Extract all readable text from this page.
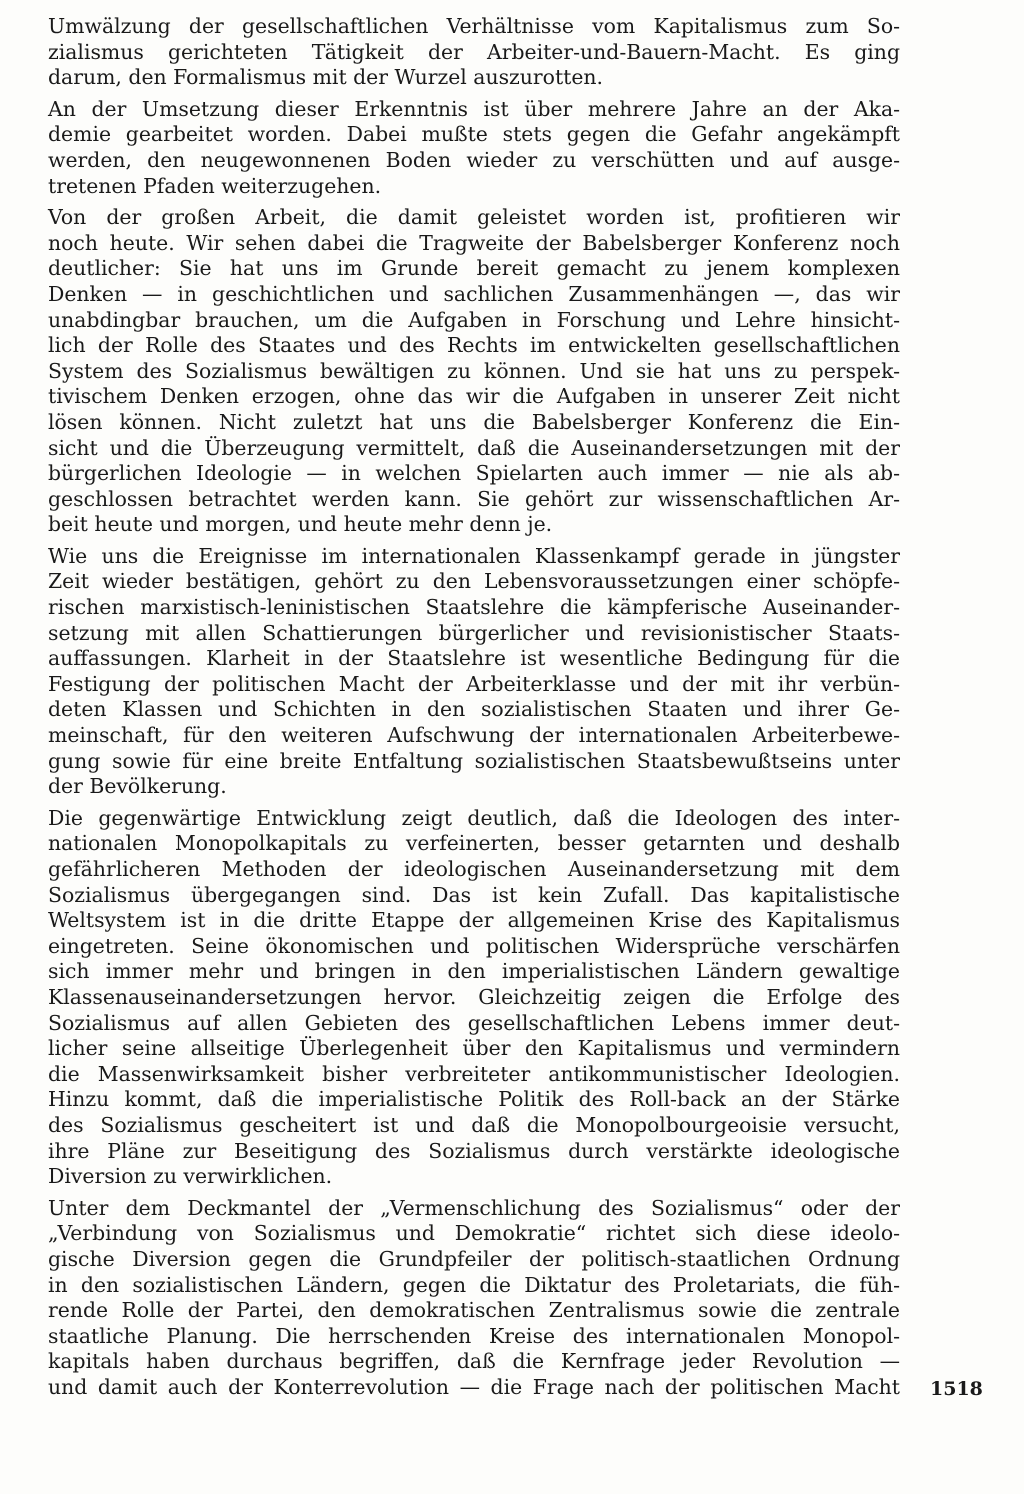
Umwälzung der gesellschaftlichen Verhältnisse vom Kapitalismus zum So-
zialismus gerichteten Tätigkeit der Arbeiter-und-Bauern-Macht. Es ging
darum, den Formalismus mit der Wurzel auszurotten.
An der Umsetzung dieser Erkenntnis ist über mehrere Jahre an der Aka-
demie gearbeitet worden. Dabei mußte stets gegen die Gefahr angekämpft
werden, den neugewonnenen Boden wieder zu verschütten und auf ausge-
tretenen Pfaden weiterzugehen.
Von der großen Arbeit, die damit geleistet worden ist, profitieren wir
noch heute. Wir sehen dabei die Tragweite der Babelsberger Konferenz noch
deutlicher: Sie hat uns im Grunde bereit gemacht zu jenem komplexen
Denken — in geschichtlichen und sachlichen Zusammenhängen —, das wir
unabdingbar brauchen, um die Aufgaben in Forschung und Lehre hinsicht-
lich der Rolle des Staates und des Rechts im entwickelten gesellschaftlichen
System des Sozialismus bewältigen zu können. Und sie hat uns zu perspek-
tivischem Denken erzogen, ohne das wir die Aufgaben in unserer Zeit nicht
lösen können. Nicht zuletzt hat uns die Babelsberger Konferenz die Ein-
sicht und die Überzeugung vermittelt, daß die Auseinandersetzungen mit der
bürgerlichen Ideologie — in welchen Spielarten auch immer — nie als ab-
geschlossen betrachtet werden kann. Sie gehört zur wissenschaftlichen Ar-
beit heute und morgen, und heute mehr denn je.
Wie uns die Ereignisse im internationalen Klassenkampf gerade in jüngster
Zeit wieder bestätigen, gehört zu den Lebensvoraussetzungen einer schöpfe-
rischen marxistisch-leninistischen Staatslehre die kämpferische Auseinander-
setzung mit allen Schattierungen bürgerlicher und revisionistischer Staats-
auffassungen. Klarheit in der Staatslehre ist wesentliche Bedingung für die
Festigung der politischen Macht der Arbeiterklasse und der mit ihr verbün-
deten Klassen und Schichten in den sozialistischen Staaten und ihrer Ge-
meinschaft, für den weiteren Aufschwung der internationalen Arbeiterbewe-
gung sowie für eine breite Entfaltung sozialistischen Staatsbewußtseins unter
der Bevölkerung.
Die gegenwärtige Entwicklung zeigt deutlich, daß die Ideologen des inter-
nationalen Monopolkapitals zu verfeinerten, besser getarnten und deshalb
gefährlicheren Methoden der ideologischen Auseinandersetzung mit dem
Sozialismus übergegangen sind. Das ist kein Zufall. Das kapitalistische
Weltsystem ist in die dritte Etappe der allgemeinen Krise des Kapitalismus
eingetreten. Seine ökonomischen und politischen Widersprüche verschärfen
sich immer mehr und bringen in den imperialistischen Ländern gewaltige
Klassenauseinandersetzungen hervor. Gleichzeitig zeigen die Erfolge des
Sozialismus auf allen Gebieten des gesellschaftlichen Lebens immer deut-
licher seine allseitige Überlegenheit über den Kapitalismus und vermindern
die Massenwirksamkeit bisher verbreiteter antikommunistischer Ideologien.
Hinzu kommt, daß die imperialistische Politik des Roll-back an der Stärke
des Sozialismus gescheitert ist und daß die Monopolbourgeoisie versucht,
ihre Pläne zur Beseitigung des Sozialismus durch verstärkte ideologische
Diversion zu verwirklichen.
Unter dem Deckmantel der „Vermenschlichung des Sozialismus“ oder der
„Verbindung von Sozialismus und Demokratie“ richtet sich diese ideolo-
gische Diversion gegen die Grundpfeiler der politisch-staatlichen Ordnung
in den sozialistischen Ländern, gegen die Diktatur des Proletariats, die füh-
rende Rolle der Partei, den demokratischen Zentralismus sowie die zentrale
staatliche Planung. Die herrschenden Kreise des internationalen Monopol-
kapitals haben durchaus begriffen, daß die Kernfrage jeder Revolution —
und damit auch der Konterrevolution — die Frage nach der politischen Macht 1518
